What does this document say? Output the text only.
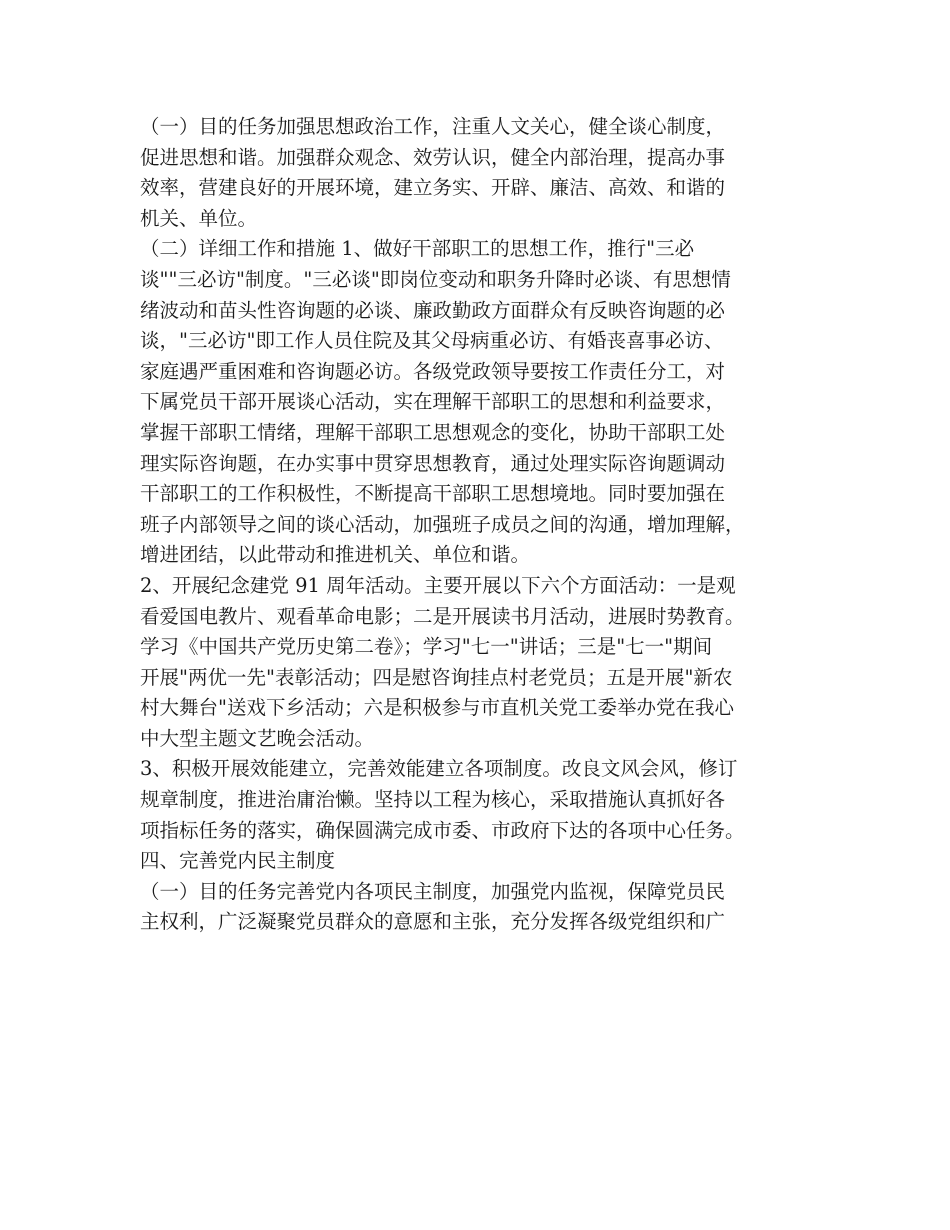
（一）目的任务加强思想政治工作，注重人文关心，健全谈心制度，
促进思想和谐。加强群众观念、效劳认识，健全内部治理，提高办事
效率，营建良好的开展环境，建立务实、开辟、廉洁、高效、和谐的
机关、单位。
（二）详细工作和措施 1、做好干部职工的思想工作，推行"三必
谈""三必访"制度。"三必谈"即岗位变动和职务升降时必谈、有思想情
绪波动和苗头性咨询题的必谈、廉政勤政方面群众有反映咨询题的必
谈，"三必访"即工作人员住院及其父母病重必访、有婚丧喜事必访、
家庭遇严重困难和咨询题必访。各级党政领导要按工作责任分工，对
下属党员干部开展谈心活动，实在理解干部职工的思想和利益要求，
掌握干部职工情绪，理解干部职工思想观念的变化，协助干部职工处
理实际咨询题，在办实事中贯穿思想教育，通过处理实际咨询题调动
干部职工的工作积极性，不断提高干部职工思想境地。同时要加强在
班子内部领导之间的谈心活动，加强班子成员之间的沟通，增加理解，
增进团结，以此带动和推进机关、单位和谐。
2、开展纪念建党 91 周年活动。主要开展以下六个方面活动：一是观
看爱国电教片、观看革命电影；二是开展读书月活动，进展时势教育。
学习《中国共产党历史第二卷》；学习"七一"讲话；三是"七一"期间
开展"两优一先"表彰活动；四是慰咨询挂点村老党员；五是开展"新农
村大舞台"送戏下乡活动；六是积极参与市直机关党工委举办党在我心
中大型主题文艺晚会活动。
3、积极开展效能建立，完善效能建立各项制度。改良文风会风，修订
规章制度，推进治庸治懒。坚持以工程为核心，采取措施认真抓好各
项指标任务的落实，确保圆满完成市委、市政府下达的各项中心任务。
四、完善党内民主制度
（一）目的任务完善党内各项民主制度，加强党内监视，保障党员民
主权利，广泛凝聚党员群众的意愿和主张，充分发挥各级党组织和广
